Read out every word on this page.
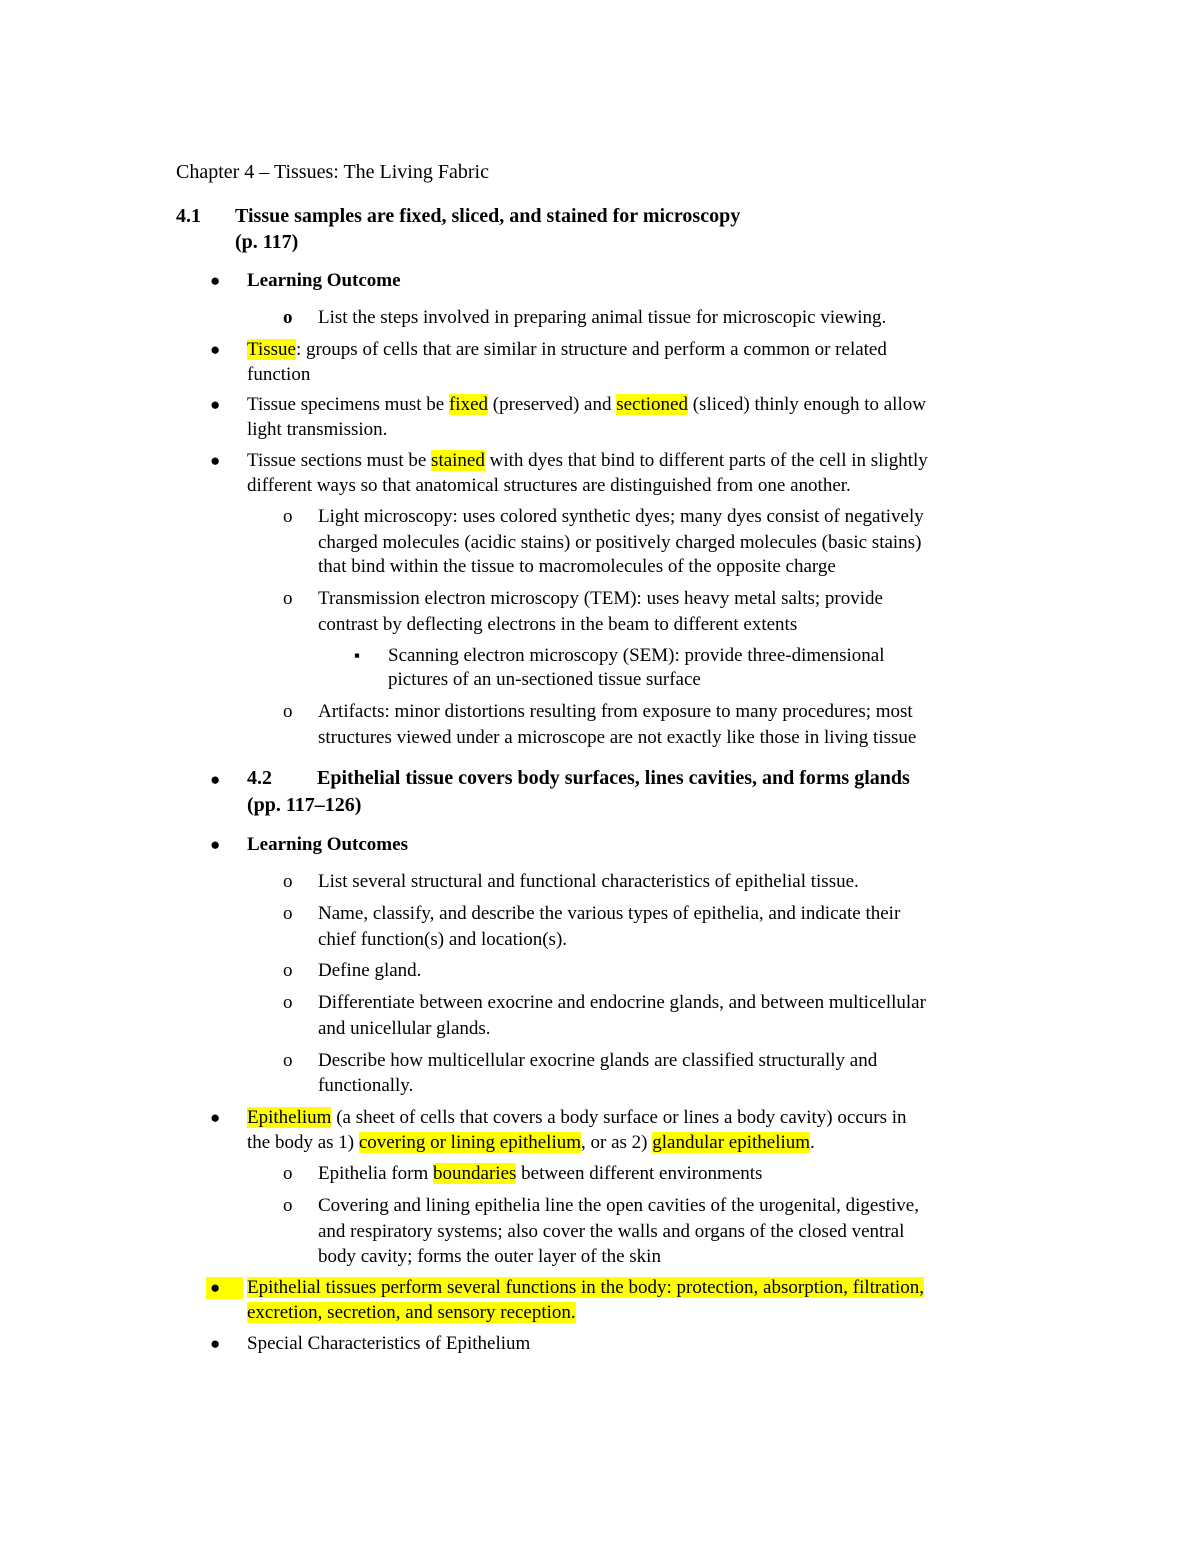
Chapter 4 – Tissues: The Living Fabric
4.1 Tissue samples are fixed, sliced, and stained for microscopy
(p. 117)
● Learning Outcome
o List the steps involved in preparing animal tissue for microscopic viewing.
● Tissue: groups of cells that are similar in structure and perform a common or related
function
● Tissue specimens must be fixed (preserved) and sectioned (sliced) thinly enough to allow
light transmission.
● Tissue sections must be stained with dyes that bind to different parts of the cell in slightly
different ways so that anatomical structures are distinguished from one another.
o Light microscopy: uses colored synthetic dyes; many dyes consist of negatively
charged molecules (acidic stains) or positively charged molecules (basic stains)
that bind within the tissue to macromolecules of the opposite charge
o Transmission electron microscopy (TEM): uses heavy metal salts; provide
contrast by deflecting electrons in the beam to different extents
▪ Scanning electron microscopy (SEM): provide three-dimensional
pictures of an un-sectioned tissue surface
o Artifacts: minor distortions resulting from exposure to many procedures; most
structures viewed under a microscope are not exactly like those in living tissue
● 4.2 Epithelial tissue covers body surfaces, lines cavities, and forms glands
(pp. 117–126)
● Learning Outcomes
o List several structural and functional characteristics of epithelial tissue.
o Name, classify, and describe the various types of epithelia, and indicate their
chief function(s) and location(s).
o Define gland.
o Differentiate between exocrine and endocrine glands, and between multicellular
and unicellular glands.
o Describe how multicellular exocrine glands are classified structurally and
functionally.
● Epithelium (a sheet of cells that covers a body surface or lines a body cavity) occurs in
the body as 1) covering or lining epithelium, or as 2) glandular epithelium.
o Epithelia form boundaries between different environments
o Covering and lining epithelia line the open cavities of the urogenital, digestive,
and respiratory systems; also cover the walls and organs of the closed ventral
body cavity; forms the outer layer of the skin
● Epithelial tissues perform several functions in the body: protection, absorption, filtration,
excretion, secretion, and sensory reception.
● Special Characteristics of Epithelium
